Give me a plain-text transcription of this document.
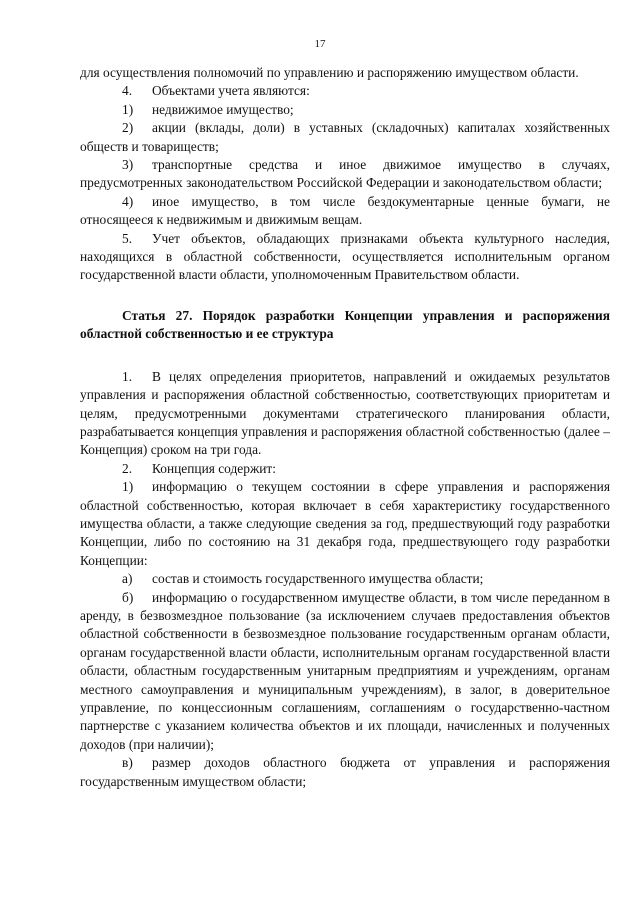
17

для осуществления полномочий по управлению и распоряжению имуществом области.

4. Объектами учета являются:

1) недвижимое имущество;

2) акции (вклады, доли) в уставных (складочных) капиталах хозяйственных обществ и товариществ;

3) транспортные средства и иное движимое имущество в случаях, предусмотренных законодательством Российской Федерации и законодательством области;

4) иное имущество, в том числе бездокументарные ценные бумаги, не относящееся к недвижимым и движимым вещам.

5. Учет объектов, обладающих признаками объекта культурного наследия, находящихся в областной собственности, осуществляется исполнительным органом государственной власти области, уполномоченным Правительством области.

Статья 27. Порядок разработки Концепции управления и распоряжения областной собственностью и ее структура

1. В целях определения приоритетов, направлений и ожидаемых результатов управления и распоряжения областной собственностью, соответствующих приоритетам и целям, предусмотренными документами стратегического планирования области, разрабатывается концепция управления и распоряжения областной собственностью (далее – Концепция) сроком на три года.

2. Концепция содержит:

1) информацию о текущем состоянии в сфере управления и распоряжения областной собственностью, которая включает в себя характеристику государственного имущества области, а также следующие сведения за год, предшествующий году разработки Концепции, либо по состоянию на 31 декабря года, предшествующего году разработки Концепции:

а) состав и стоимость государственного имущества области;

б) информацию о государственном имуществе области, в том числе переданном в аренду, в безвозмездное пользование (за исключением случаев предоставления объектов областной собственности в безвозмездное пользование государственным органам области, органам государственной власти области, исполнительным органам государственной власти области, областным государственным унитарным предприятиям и учреждениям, органам местного самоуправления и муниципальным учреждениям), в залог, в доверительное управление, по концессионным соглашениям, соглашениям о государственно-частном партнерстве с указанием количества объектов и их площади, начисленных и полученных доходов (при наличии);

в) размер доходов областного бюджета от управления и распоряжения государственным имуществом области;
